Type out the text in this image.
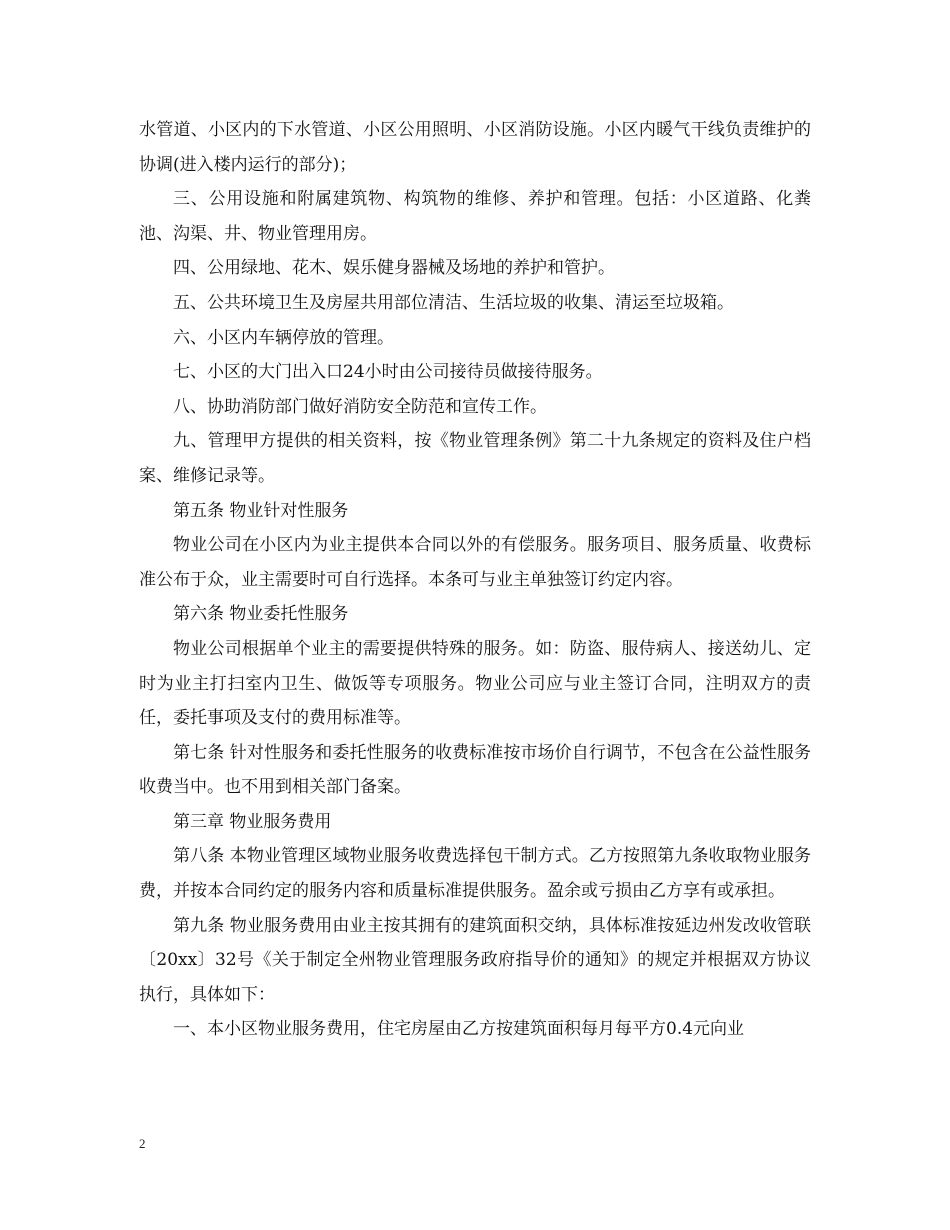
水管道、小区内的下水管道、小区公用照明、小区消防设施。小区内暖气干线负责维护的协调(进入楼内运行的部分)；

三、公用设施和附属建筑物、构筑物的维修、养护和管理。包括：小区道路、化粪池、沟渠、井、物业管理用房。

四、公用绿地、花木、娱乐健身器械及场地的养护和管护。

五、公共环境卫生及房屋共用部位清洁、生活垃圾的收集、清运至垃圾箱。

六、小区内车辆停放的管理。

七、小区的大门出入口24小时由公司接待员做接待服务。

八、协助消防部门做好消防安全防范和宣传工作。

九、管理甲方提供的相关资料，按《物业管理条例》第二十九条规定的资料及住户档案、维修记录等。

第五条 物业针对性服务

物业公司在小区内为业主提供本合同以外的有偿服务。服务项目、服务质量、收费标准公布于众，业主需要时可自行选择。本条可与业主单独签订约定内容。

第六条 物业委托性服务

物业公司根据单个业主的需要提供特殊的服务。如：防盗、服侍病人、接送幼儿、定时为业主打扫室内卫生、做饭等专项服务。物业公司应与业主签订合同，注明双方的责任，委托事项及支付的费用标准等。

第七条 针对性服务和委托性服务的收费标准按市场价自行调节，不包含在公益性服务收费当中。也不用到相关部门备案。

第三章 物业服务费用

第八条 本物业管理区域物业服务收费选择包干制方式。乙方按照第九条收取物业服务费，并按本合同约定的服务内容和质量标准提供服务。盈余或亏损由乙方享有或承担。

第九条 物业服务费用由业主按其拥有的建筑面积交纳，具体标准按延边州发改收管联〔20xx〕32号《关于制定全州物业管理服务政府指导价的通知》的规定并根据双方协议执行，具体如下：

一、本小区物业服务费用，住宅房屋由乙方按建筑面积每月每平方0.4元向业

2
